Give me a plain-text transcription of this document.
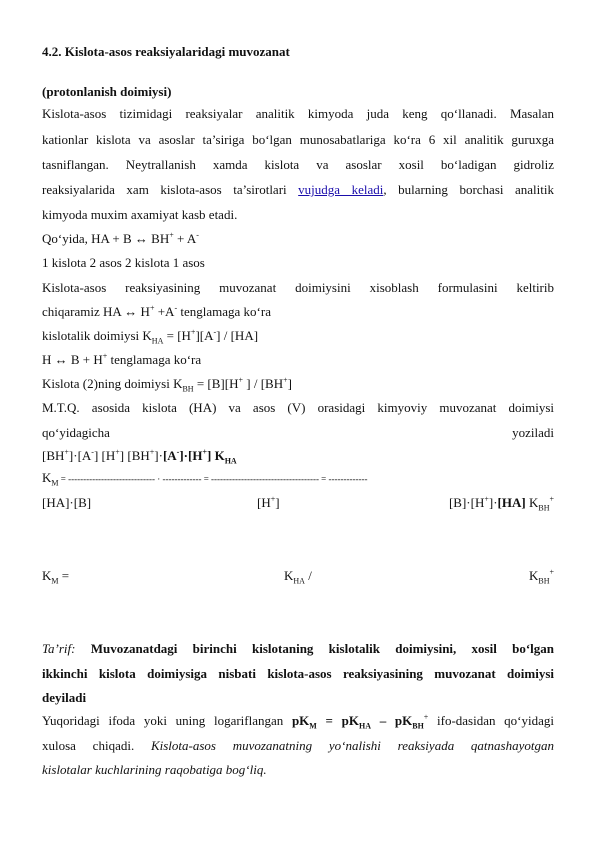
4.2. Kislota-asos reaksiyalaridagi muvozanat
(protonlanish doimiysi)
Kislota-asos tizimidagi reaksiyalar analitik kimyoda juda keng qo‘llanadi. Masalan
kationlar kislota va asoslar ta’siriga bo‘lgan munosabatlariga ko‘ra 6 xil analitik guruxga
tasniflangan. Neytrallanish xamda kislota va asoslar xosil bo‘ladigan gidroliz
reaksiyalarida xam kislota-asos ta’sirotlari vujudga keladi, bularning borchasi analitik
kimyoda muxim axamiyat kasb etadi.
Qo‘yida, HA + B ↔ BH+ + A-
1 kislota 2 asos 2 kislota 1 asos
Kislota-asos reaksiyasining muvozanat doimiysini xisoblash formulasini keltirib
chiqaramiz HA ↔ H+ +A- tenglamaga ko‘ra
kislotalik doimiysi $K_{HA} = [H^+][A^-] / [HA]$
H ↔ B + H+ tenglamaga ko‘ra
Kislota (2)ning doimiysi $K_{BH} = [B][H^+$ ] / [BH+]
M.T.Q. asosida kislota (HA) va asos (V) orasidagi kimyoviy muvozanat doimiysi
qo‘yidagicha	yoziladi
[BH+]·[A-] [H+] [BH+]·[A-]·[H+] $K_{HA}$
$K_M$ = ----------------------------- · ------------- = ------------------------------------ = -------------
[HA]·[B]	[H+]	[B]·[H+]·[HA] $K_{BH}^+$
$K_M$ =	$K_{HA}$ /	$K_{BH}^+$
Ta’rif: Muvozanatdagi birinchi kislotaning kislotalik doimiysini, xosil bo‘lgan
ikkinchi kislota doimiysiga nisbati kislota-asos reaksiyasining muvozanat doimiysi
deyiladi
Yuqoridagi ifoda yoki uning logariflangan $pK_M = pK_{HA} - pK_{BH}^+$ ifo-dasidan qo‘yidagi
xulosa chiqadi. Kislota-asos muvozanatning yo‘nalishi reaksiyada qatnashayotgan
kislotalar kuchlarining raqobatiga bog‘liq.
